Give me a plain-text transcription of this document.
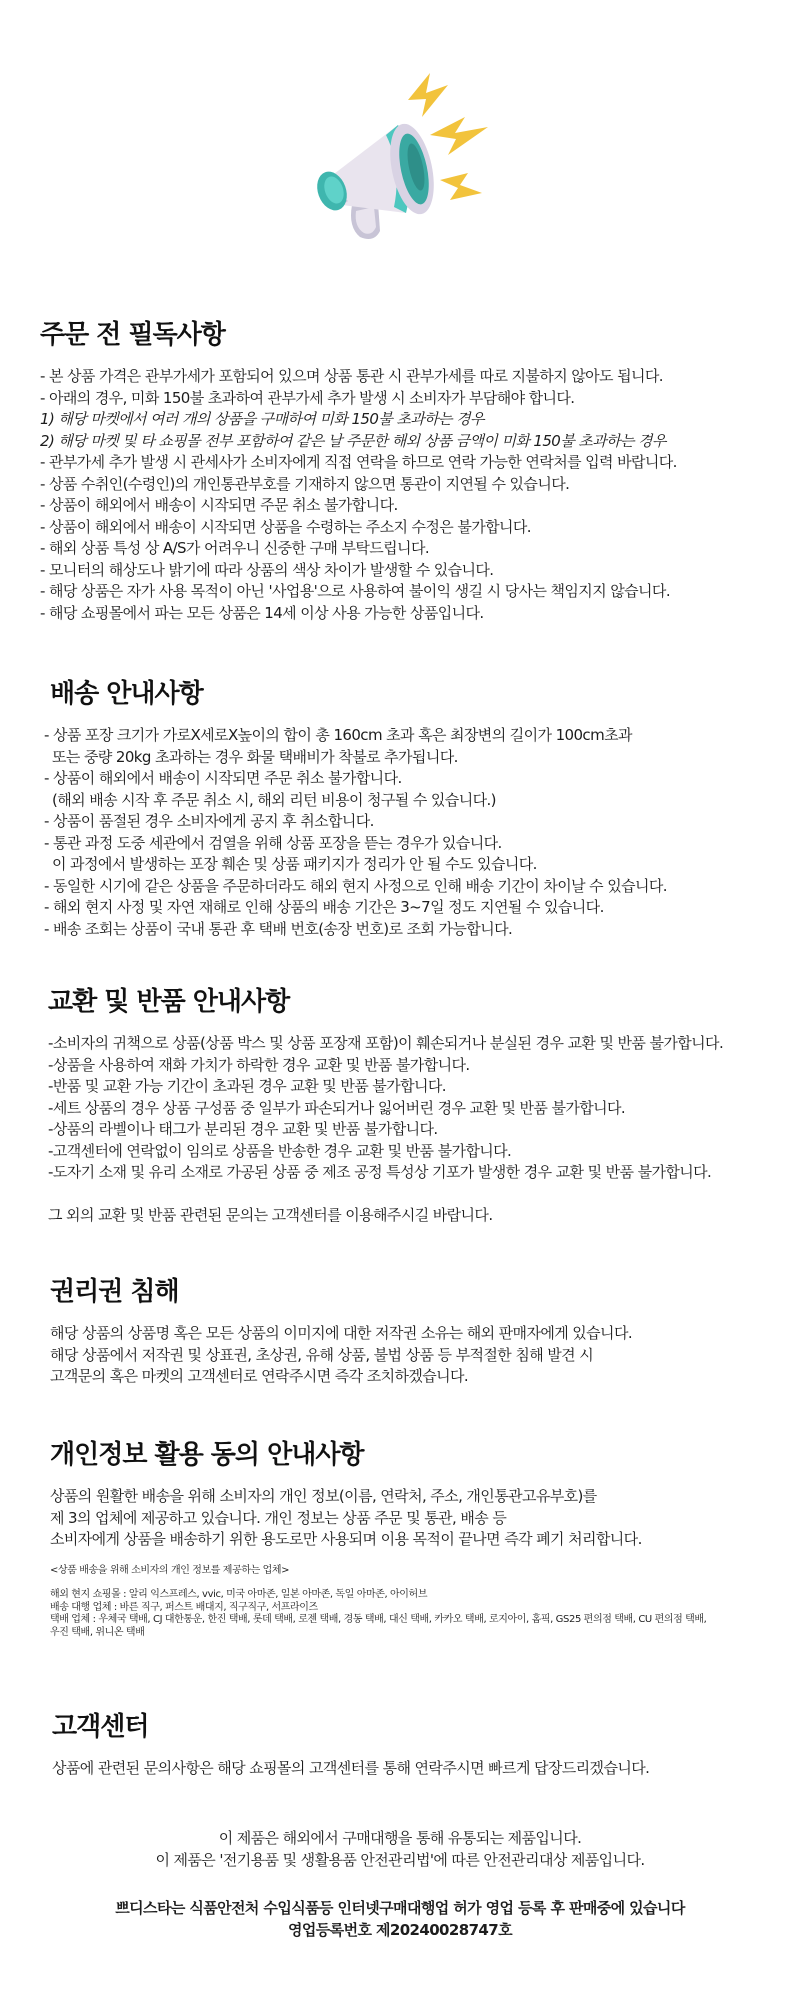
주문 전 필독사항
- 본 상품 가격은 관부가세가 포함되어 있으며 상품 통관 시 관부가세를 따로 지불하지 않아도 됩니다.
- 아래의 경우, 미화 150불 초과하여 관부가세 추가 발생 시 소비자가 부담해야 합니다.
1) 해당 마켓에서 여러 개의 상품을 구매하여 미화 150불 초과하는 경우
2) 해당 마켓 및 타 쇼핑몰 전부 포함하여 같은 날 주문한 해외 상품 금액이 미화 150불 초과하는 경우
- 관부가세 추가 발생 시 관세사가 소비자에게 직접 연락을 하므로 연락 가능한 연락처를 입력 바랍니다.
- 상품 수취인(수령인)의 개인통관부호를 기재하지 않으면 통관이 지연될 수 있습니다.
- 상품이 해외에서 배송이 시작되면 주문 취소 불가합니다.
- 상품이 해외에서 배송이 시작되면 상품을 수령하는 주소지 수정은 불가합니다.
- 해외 상품 특성 상 A/S가 어려우니 신중한 구매 부탁드립니다.
- 모니터의 해상도나 밝기에 따라 상품의 색상 차이가 발생할 수 있습니다.
- 해당 상품은 자가 사용 목적이 아닌 '사업용'으로 사용하여 불이익 생길 시 당사는 책임지지 않습니다.
- 해당 쇼핑몰에서 파는 모든 상품은 14세 이상 사용 가능한 상품입니다.
배송 안내사항
- 상품 포장 크기가 가로X세로X높이의 합이 총 160cm 초과 혹은 최장변의 길이가 100cm초과
또는 중량 20kg 초과하는 경우 화물 택배비가 착불로 추가됩니다.
- 상품이 해외에서 배송이 시작되면 주문 취소 불가합니다.
(해외 배송 시작 후 주문 취소 시, 해외 리턴 비용이 청구될 수 있습니다.)
- 상품이 품절된 경우 소비자에게 공지 후 취소합니다.
- 통관 과정 도중 세관에서 검열을 위해 상품 포장을 뜯는 경우가 있습니다.
이 과정에서 발생하는 포장 훼손 및 상품 패키지가 정리가 안 될 수도 있습니다.
- 동일한 시기에 같은 상품을 주문하더라도 해외 현지 사정으로 인해 배송 기간이 차이날 수 있습니다.
- 해외 현지 사정 및 자연 재해로 인해 상품의 배송 기간은 3~7일 정도 지연될 수 있습니다.
- 배송 조회는 상품이 국내 통관 후 택배 번호(송장 번호)로 조회 가능합니다.
교환 및 반품 안내사항
-소비자의 귀책으로 상품(상품 박스 및 상품 포장재 포함)이 훼손되거나 분실된 경우 교환 및 반품 불가합니다.
-상품을 사용하여 재화 가치가 하락한 경우 교환 및 반품 불가합니다.
-반품 및 교환 가능 기간이 초과된 경우 교환 및 반품 불가합니다.
-세트 상품의 경우 상품 구성품 중 일부가 파손되거나 잃어버린 경우 교환 및 반품 불가합니다.
-상품의 라벨이나 태그가 분리된 경우 교환 및 반품 불가합니다.
-고객센터에 연락없이 임의로 상품을 반송한 경우 교환 및 반품 불가합니다.
-도자기 소재 및 유리 소재로 가공된 상품 중 제조 공정 특성상 기포가 발생한 경우 교환 및 반품 불가합니다.
그 외의 교환 및 반품 관련된 문의는 고객센터를 이용해주시길 바랍니다.
권리권 침해
해당 상품의 상품명 혹은 모든 상품의 이미지에 대한 저작권 소유는 해외 판매자에게 있습니다.
해당 상품에서 저작권 및 상표권, 초상권, 유해 상품, 불법 상품 등 부적절한 침해 발견 시
고객문의 혹은 마켓의 고객센터로 연락주시면 즉각 조치하겠습니다.
개인정보 활용 동의 안내사항
상품의 원활한 배송을 위해 소비자의 개인 정보(이름, 연락처, 주소, 개인통관고유부호)를
제 3의 업체에 제공하고 있습니다. 개인 정보는 상품 주문 및 통관, 배송 등
소비자에게 상품을 배송하기 위한 용도로만 사용되며 이용 목적이 끝나면 즉각 폐기 처리합니다.
<상품 배송을 위해 소비자의 개인 정보를 제공하는 업체>
해외 현지 쇼핑몰 : 알리 익스프레스, vvic, 미국 아마존, 일본 아마존, 독일 아마존, 아이허브
배송 대행 업체 : 바른 직구, 퍼스트 배대지, 직구직구, 서프라이즈
택배 업체 : 우체국 택배, CJ 대한통운, 한진 택배, 롯데 택배, 로젠 택배, 경동 택배, 대신 택배, 카카오 택배, 로지아이, 홈픽, GS25 편의점 택배, CU 편의점 택배,
우진 택배, 위니온 택배
고객센터
상품에 관련된 문의사항은 해당 쇼핑몰의 고객센터를 통해 연락주시면 빠르게 답장드리겠습니다.
이 제품은 해외에서 구매대행을 통해 유통되는 제품입니다.
이 제품은 '전기용품 및 생활용품 안전관리법'에 따른 안전관리대상 제품입니다.
쁘디스타는 식품안전처 수입식품등 인터넷구매대행업 허가 영업 등록 후 판매중에 있습니다
영업등록번호 제20240028747호
